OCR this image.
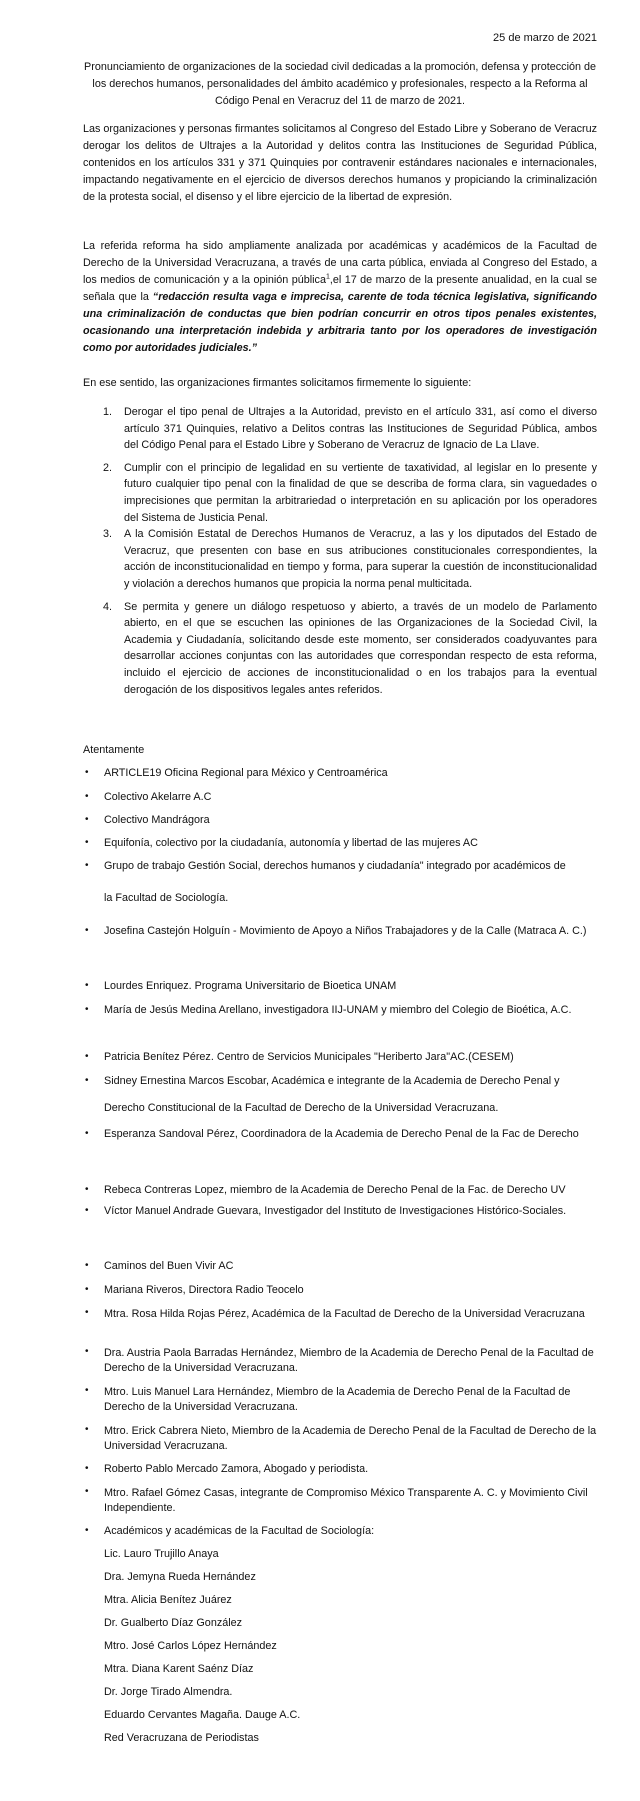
25 de marzo de 2021
Pronunciamiento de organizaciones de la sociedad civil dedicadas a la promoción, defensa y protección de los derechos humanos, personalidades del ámbito académico y profesionales, respecto a la Reforma al Código Penal en Veracruz del 11 de marzo de 2021.
Las organizaciones y personas firmantes solicitamos al Congreso del Estado Libre y Soberano de Veracruz derogar los delitos de Ultrajes a la Autoridad y delitos contra las Instituciones de Seguridad Pública, contenidos en los artículos 331 y 371 Quinquies por contravenir estándares nacionales e internacionales, impactando negativamente en el ejercicio de diversos derechos humanos y propiciando la criminalización de la protesta social, el disenso y el libre ejercicio de la libertad de expresión.
La referida reforma ha sido ampliamente analizada por académicas y académicos de la Facultad de Derecho de la Universidad Veracruzana, a través de una carta pública, enviada al Congreso del Estado, a los medios de comunicación y a la opinión pública$^1$,el 17 de marzo de la presente anualidad, en la cual se señala que la “redacción resulta vaga e imprecisa, carente de toda técnica legislativa, significando una criminalización de conductas que bien podrían concurrir en otros tipos penales existentes, ocasionando una interpretación indebida y arbitraria tanto por los operadores de investigación como por autoridades judiciales.”
En ese sentido, las organizaciones firmantes solicitamos firmemente lo siguiente:
1. Derogar el tipo penal de Ultrajes a la Autoridad, previsto en el artículo 331, así como el diverso artículo 371 Quinquies, relativo a Delitos contras las Instituciones de Seguridad Pública, ambos del Código Penal para el Estado Libre y Soberano de Veracruz de Ignacio de La Llave.
2. Cumplir con el principio de legalidad en su vertiente de taxatividad, al legislar en lo presente y futuro cualquier tipo penal con la finalidad de que se describa de forma clara, sin vaguedades o imprecisiones que permitan la arbitrariedad o interpretación en su aplicación por los operadores del Sistema de Justicia Penal.
3. A la Comisión Estatal de Derechos Humanos de Veracruz, a las y los diputados del Estado de Veracruz, que presenten con base en sus atribuciones constitucionales correspondientes, la acción de inconstitucionalidad en tiempo y forma, para superar la cuestión de inconstitucionalidad y violación a derechos humanos que propicia la norma penal multicitada.
4. Se permita y genere un diálogo respetuoso y abierto, a través de un modelo de Parlamento abierto, en el que se escuchen las opiniones de las Organizaciones de la Sociedad Civil, la Academia y Ciudadanía, solicitando desde este momento, ser considerados coadyuvantes para desarrollar acciones conjuntas con las autoridades que correspondan respecto de esta reforma, incluido el ejercicio de acciones de inconstitucionalidad o en los trabajos para la eventual derogación de los dispositivos legales antes referidos.
Atentamente
• ARTICLE19 Oficina Regional para México y Centroamérica
• Colectivo Akelarre A.C
• Colectivo Mandrágora
• Equifonía, colectivo por la ciudadanía, autonomía y libertad de las mujeres AC
• Grupo de trabajo Gestión Social, derechos humanos y ciudadanía" integrado por académicos de
la Facultad de Sociología.
• Josefina Castejón Holguín - Movimiento de Apoyo a Niños Trabajadores y de la Calle (Matraca A. C.)
• Lourdes Enriquez. Programa Universitario de Bioetica UNAM
• María de Jesús Medina Arellano, investigadora IIJ-UNAM y miembro del Colegio de Bioética, A.C.
• Patricia Benítez Pérez. Centro de Servicios Municipales "Heriberto Jara"AC.(CESEM)
• Sidney Ernestina Marcos Escobar, Académica e integrante de la Academia de Derecho Penal y Derecho Constitucional de la Facultad de Derecho de la Universidad Veracruzana.
• Esperanza Sandoval Pérez, Coordinadora de la Academia de Derecho Penal de la Fac de Derecho
• Rebeca Contreras Lopez, miembro de la Academia de Derecho Penal de la Fac. de Derecho UV
• Víctor Manuel Andrade Guevara, Investigador del Instituto de Investigaciones Histórico-Sociales.
• Caminos del Buen Vivir AC
• Mariana Riveros, Directora Radio Teocelo
• Mtra. Rosa Hilda Rojas Pérez, Académica de la Facultad de Derecho de la Universidad Veracruzana
• Dra. Austria Paola Barradas Hernández, Miembro de la Academia de Derecho Penal de la Facultad de Derecho de la Universidad Veracruzana.
• Mtro. Luis Manuel Lara Hernández, Miembro de la Academia de Derecho Penal de la Facultad de Derecho de la Universidad Veracruzana.
• Mtro. Erick Cabrera Nieto, Miembro de la Academia de Derecho Penal de la Facultad de Derecho de la Universidad Veracruzana.
• Roberto Pablo Mercado Zamora, Abogado y periodista.
• Mtro. Rafael Gómez Casas, integrante de Compromiso México Transparente A. C. y Movimiento Civil Independiente.
• Académicos y académicas de la Facultad de Sociología:
Lic. Lauro Trujillo Anaya
Dra. Jemyna Rueda Hernández
Mtra. Alicia Benítez Juárez
Dr. Gualberto Díaz González
Mtro. José Carlos López Hernández
Mtra. Diana Karent Saénz Díaz
Dr. Jorge Tirado Almendra.
Eduardo Cervantes Magaña. Dauge A.C.
Red Veracruzana de Periodistas
